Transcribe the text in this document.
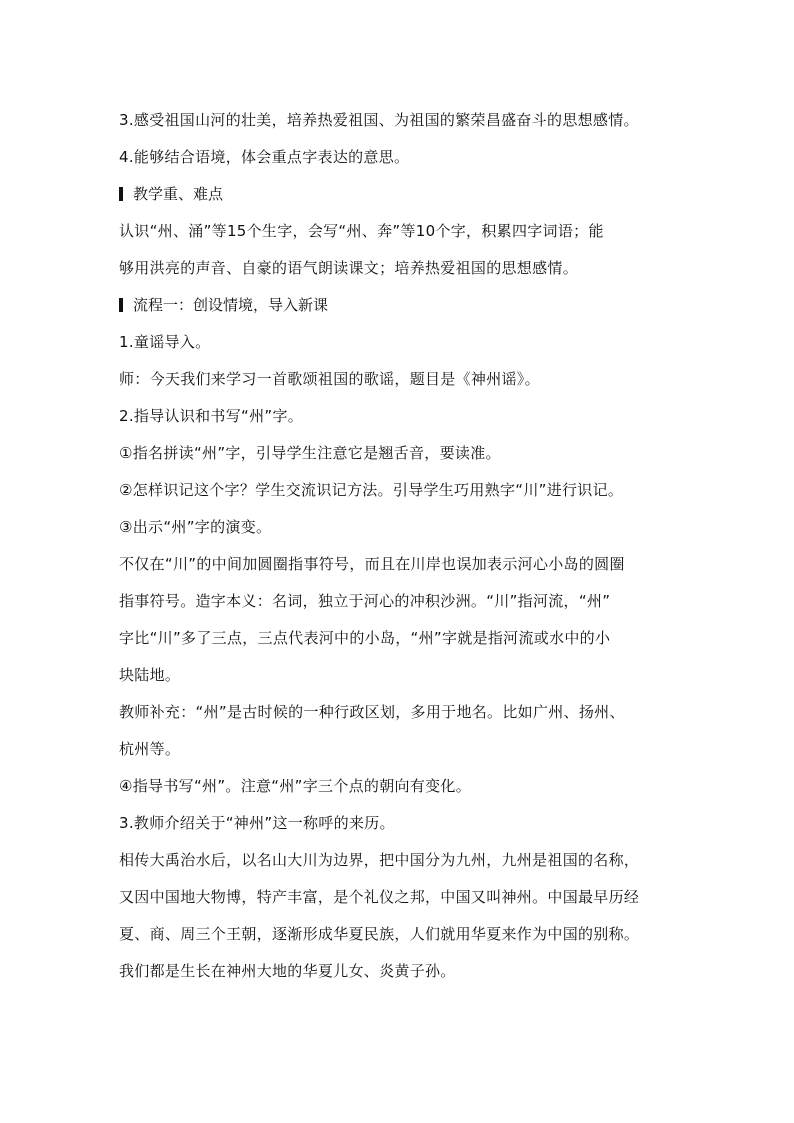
3.感受祖国山河的壮美，培养热爱祖国、为祖国的繁荣昌盛奋斗的思想感情。
4.能够结合语境，体会重点字表达的意思。
教学重、难点
认识“州、涌”等15个生字，会写“州、奔”等10个字，积累四字词语；能
够用洪亮的声音、自豪的语气朗读课文；培养热爱祖国的思想感情。
流程一：创设情境，导入新课
1.童谣导入。
师：今天我们来学习一首歌颂祖国的歌谣，题目是《神州谣》。
2.指导认识和书写“州”字。
①指名拼读“州”字，引导学生注意它是翘舌音，要读准。
②怎样识记这个字？学生交流识记方法。引导学生巧用熟字“川”进行识记。
③出示“州”字的演变。
不仅在“川”的中间加圆圈指事符号，而且在川岸也误加表示河心小岛的圆圈
指事符号。造字本义：名词，独立于河心的冲积沙洲。“川”指河流，“州”
字比“川”多了三点，三点代表河中的小岛，“州”字就是指河流或水中的小
块陆地。
教师补充：“州”是古时候的一种行政区划，多用于地名。比如广州、扬州、
杭州等。
④指导书写“州”。注意“州”字三个点的朝向有变化。
3.教师介绍关于“神州”这一称呼的来历。
相传大禹治水后，以名山大川为边界，把中国分为九州，九州是祖国的名称，
又因中国地大物博，特产丰富，是个礼仪之邦，中国又叫神州。中国最早历经
夏、商、周三个王朝，逐渐形成华夏民族，人们就用华夏来作为中国的别称。
我们都是生长在神州大地的华夏儿女、炎黄子孙。
